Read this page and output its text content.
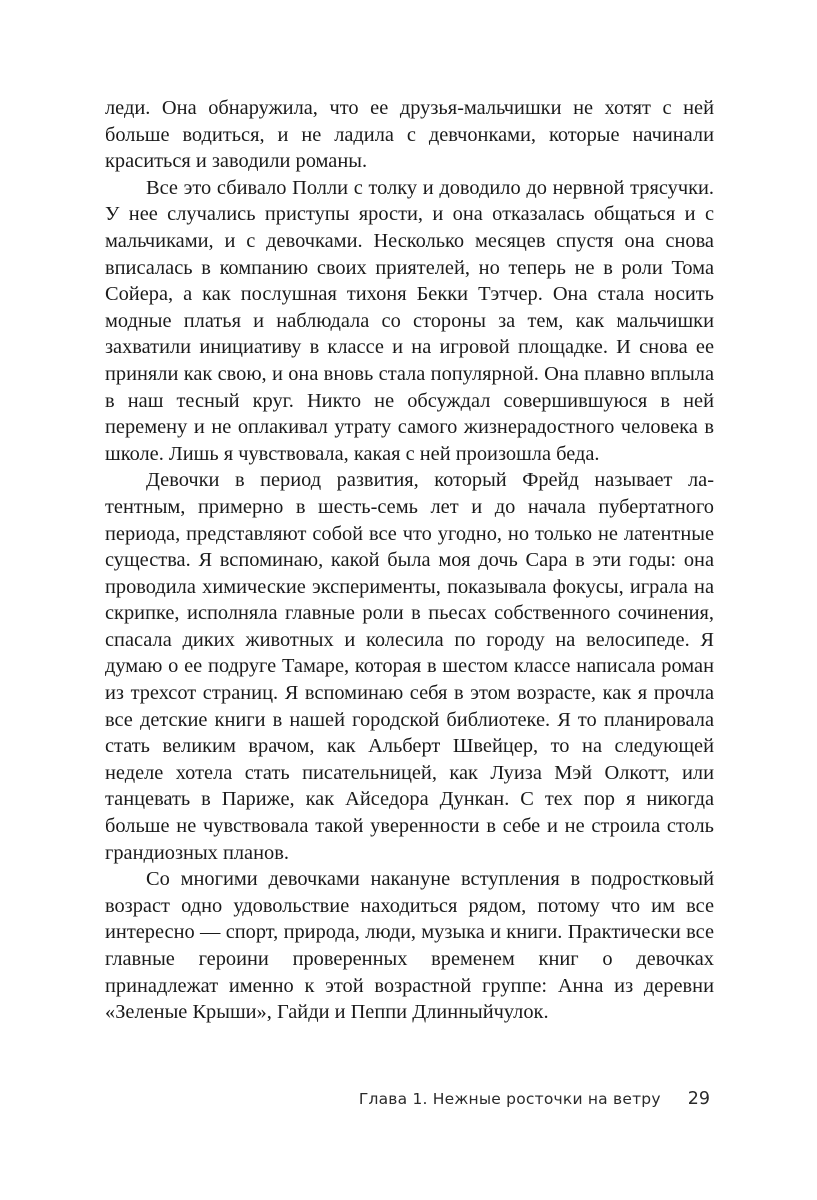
леди. Она обнаружила, что ее друзья-мальчишки не хотят с ней больше водиться, и не ладила с девчонками, которые начинали краситься и заводили романы.

Все это сбивало Полли с толку и доводило до нервной трясучки. У нее случались приступы ярости, и она отказалась общаться и с мальчиками, и с девочками. Несколько месяцев спустя она снова вписалась в компанию своих приятелей, но теперь не в роли Тома Сойера, а как послушная тихоня Бекки Тэтчер. Она стала носить модные платья и наблюдала со стороны за тем, как мальчишки захватили инициативу в классе и на игровой площадке. И снова ее приняли как свою, и она вновь стала популярной. Она плавно вплыла в наш тесный круг. Никто не обсуждал совершившуюся в ней перемену и не оплакивал утрату самого жизнерадостного человека в школе. Лишь я чувствовала, какая с ней произошла беда.

Девочки в период развития, который Фрейд называет латентным, примерно в шесть-семь лет и до начала пубертатного периода, представляют собой все что угодно, но только не латентные существа. Я вспоминаю, какой была моя дочь Сара в эти годы: она проводила химические эксперименты, показывала фокусы, играла на скрипке, исполняла главные роли в пьесах собственного сочинения, спасала диких животных и колесила по городу на велосипеде. Я думаю о ее подруге Тамаре, которая в шестом классе написала роман из трехсот страниц. Я вспоминаю себя в этом возрасте, как я прочла все детские книги в нашей городской библиотеке. Я то планировала стать великим врачом, как Альберт Швейцер, то на следующей неделе хотела стать писательницей, как Луиза Мэй Олкотт, или танцевать в Париже, как Айседора Дункан. С тех пор я никогда больше не чувствовала такой уверенности в себе и не строила столь грандиозных планов.

Со многими девочками накануне вступления в подростковый возраст одно удовольствие находиться рядом, потому что им все интересно — спорт, природа, люди, музыка и книги. Практически все главные героини проверенных временем книг о девочках принадлежат именно к этой возрастной группе: Анна из деревни «Зеленые Крыши», Гайди и Пеппи Длинныйчулок.

Глава 1. Нежные росточки на ветру 29
